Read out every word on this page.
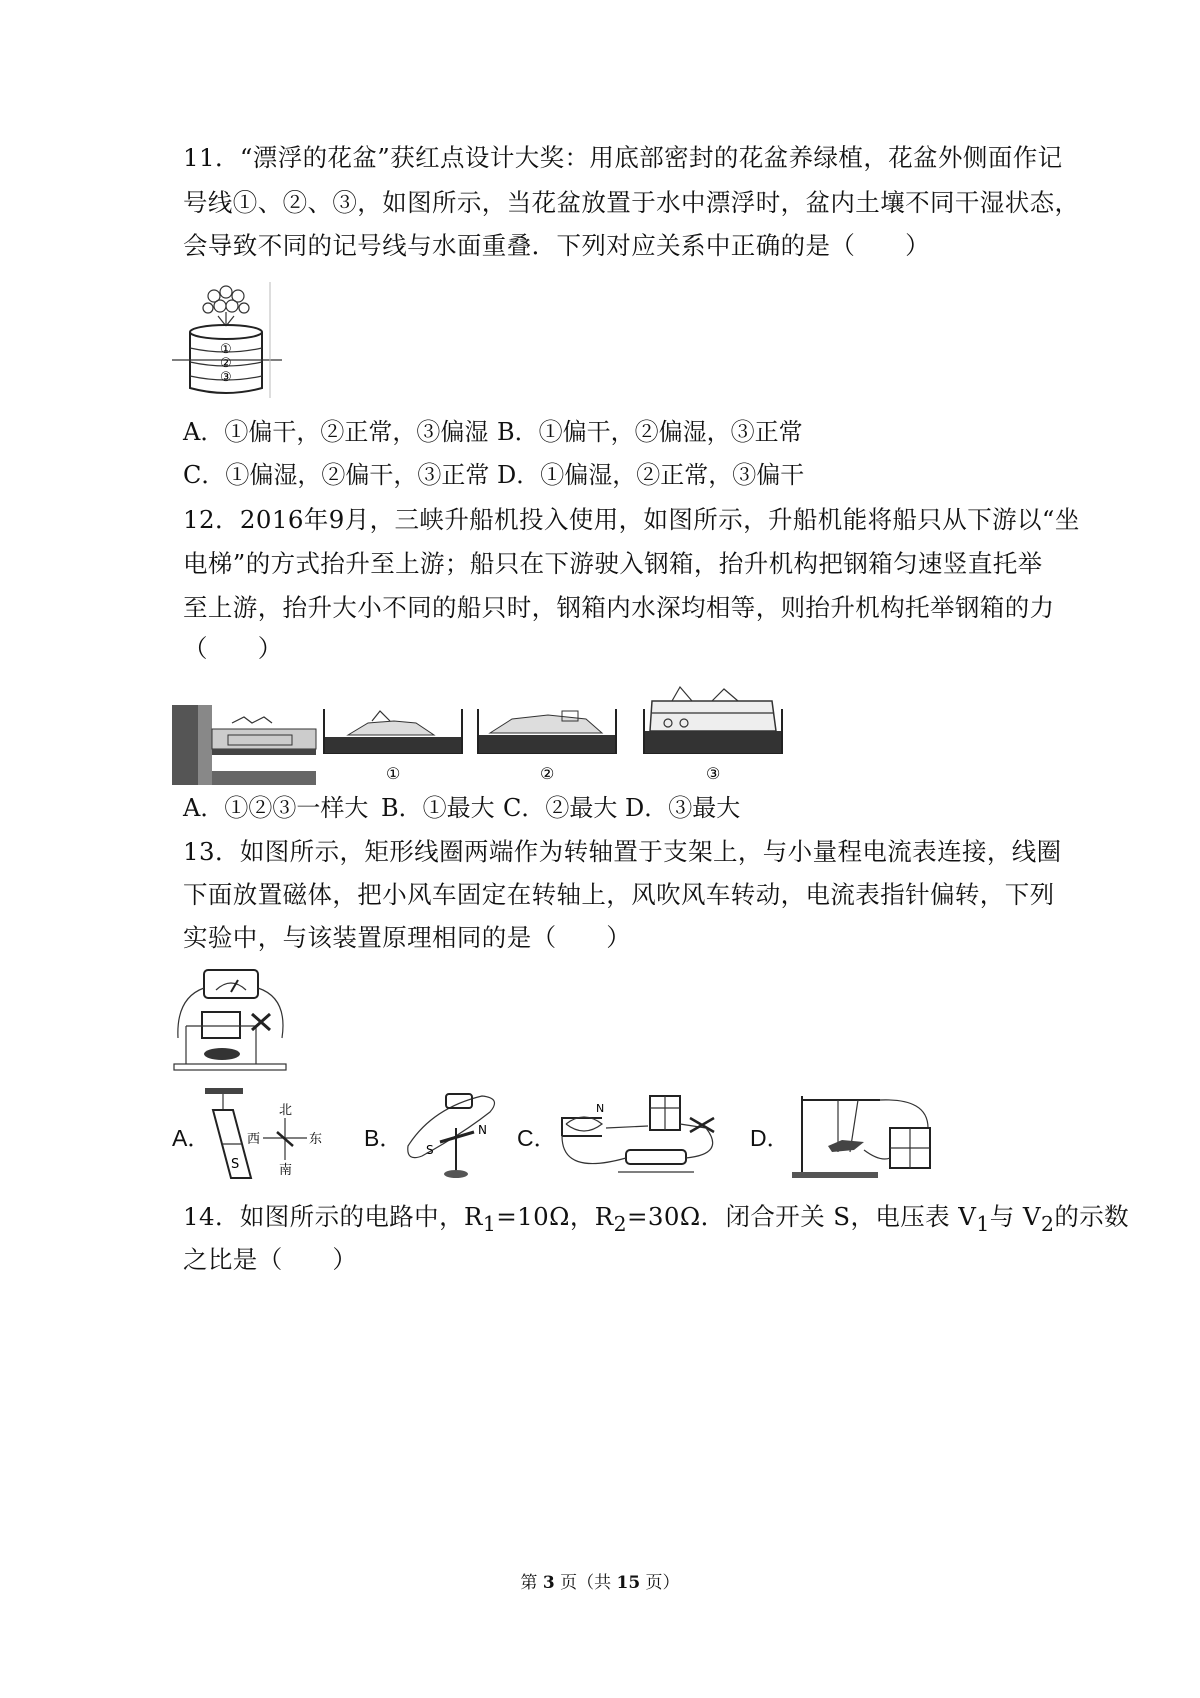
11．“漂浮的花盆”获红点设计大奖：用底部密封的花盆养绿植，花盆外侧面作记
号线①、②、③，如图所示，当花盆放置于水中漂浮时，盆内土壤不同干湿状态，
会导致不同的记号线与水面重叠．下列对应关系中正确的是（　　）
①
②
③
A．①偏干，②正常，③偏湿 B．①偏干，②偏湿，③正常
C．①偏湿，②偏干，③正常 D．①偏湿，②正常，③偏干
12．2016年9月，三峡升船机投入使用，如图所示，升船机能将船只从下游以“坐
电梯”的方式抬升至上游；船只在下游驶入钢箱，抬升机构把钢箱匀速竖直托举
至上游，抬升大小不同的船只时，钢箱内水深均相等，则抬升机构托举钢箱的力
（　　）
①	②	③
A．①②③一样大 B．①最大 C．②最大 D．③最大
13．如图所示，矩形线圈两端作为转轴置于支架上，与小量程电流表连接，线圈
下面放置磁体，把小风车固定在转轴上，风吹风车转动，电流表指针偏转，下列
实验中，与该装置原理相同的是（　　）
A．
S
北
南
东
西	B．	N
S	C．
N
D．
14．如图所示的电路中，$R_1=10\Omega$，$R_2=30\Omega$．闭合开关 S，电压表 $V_1$与 $V_2$的示数
之比是（　　）
第 3 页（共 15 页）
